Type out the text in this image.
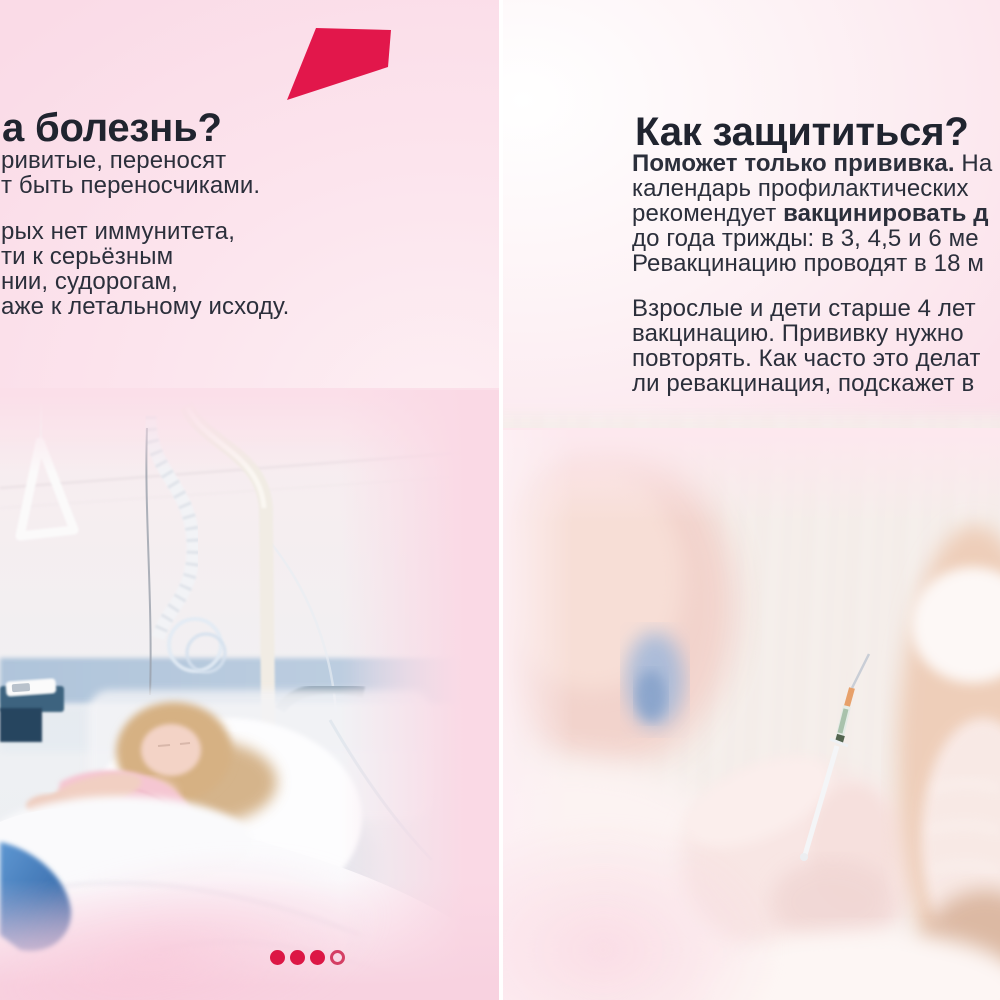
а болезнь?
ривитые, переносят
т быть переносчиками.
рых нет иммунитета,
ти к серьёзным
нии, судорогам,
аже к летальному исходу.
Как защититься?
Поможет только прививка. На
календарь профилактических
рекомендует вакцинировать д
до года трижды: в 3, 4,5 и 6 ме
Ревакцинацию проводят в 18 м
Взрослые и дети старше 4 лет
вакцинацию. Прививку нужно
повторять. Как часто это делат
ли ревакцинация, подскажет в
